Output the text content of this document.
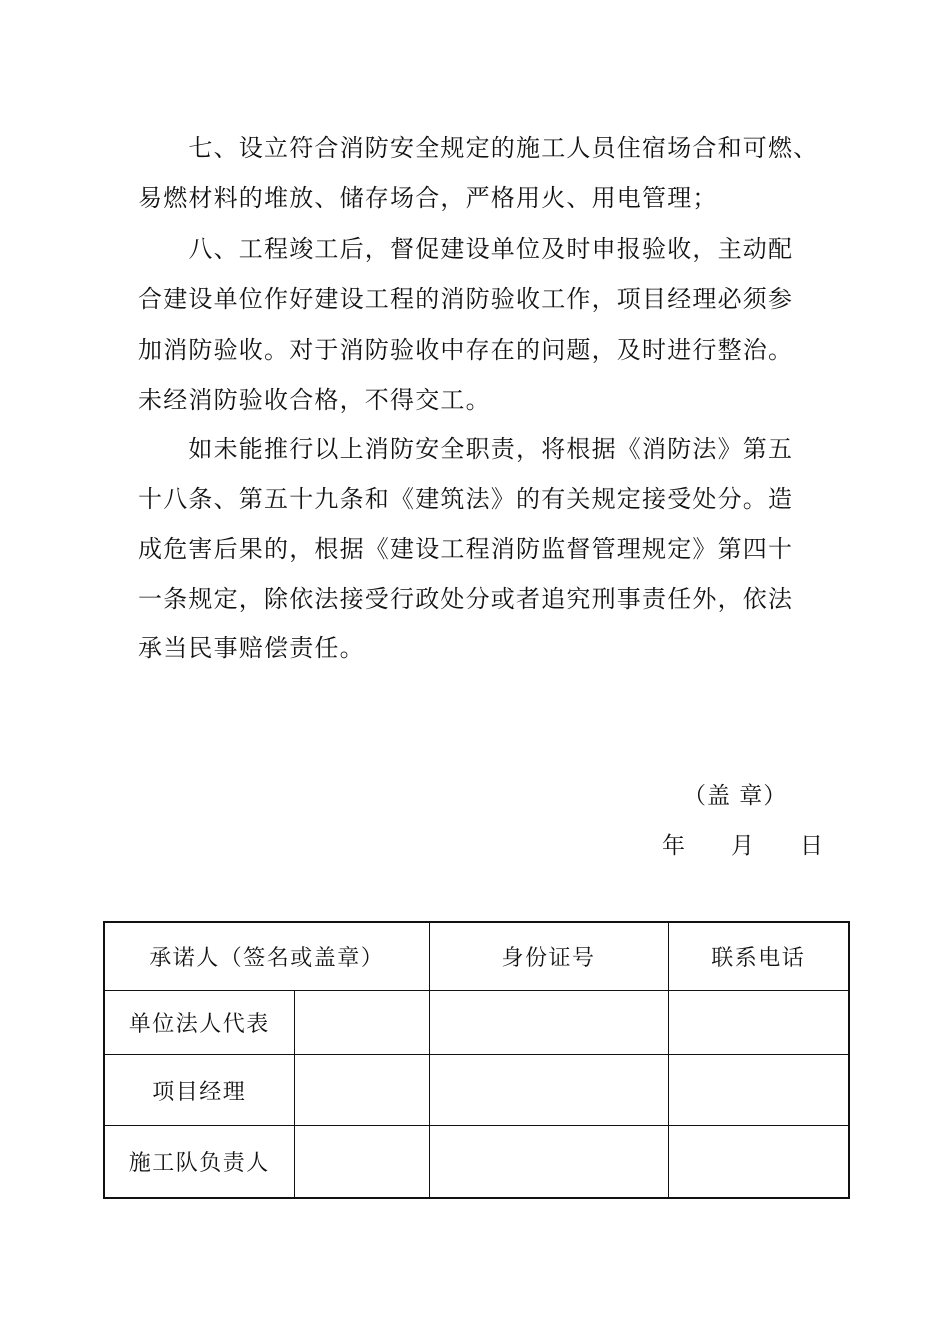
　　七、设立符合消防安全规定的施工人员住宿场合和可燃、
易燃材料的堆放、储存场合，严格用火、用电管理；
　　八、工程竣工后，督促建设单位及时申报验收，主动配
合建设单位作好建设工程的消防验收工作，项目经理必须参
加消防验收。对于消防验收中存在的问题，及时进行整治。
未经消防验收合格，不得交工。
　　如未能推行以上消防安全职责，将根据《消防法》第五
十八条、第五十九条和《建筑法》的有关规定接受处分。造
成危害后果的，根据《建设工程消防监督管理规定》第四十
一条规定，除依法接受行政处分或者追究刑事责任外，依法
承当民事赔偿责任。
（盖 章）
年　　月　　日
承诺人（签名或盖章）		身份证号	联系电话
单位法人代表			
项目经理			
施工队负责人			
